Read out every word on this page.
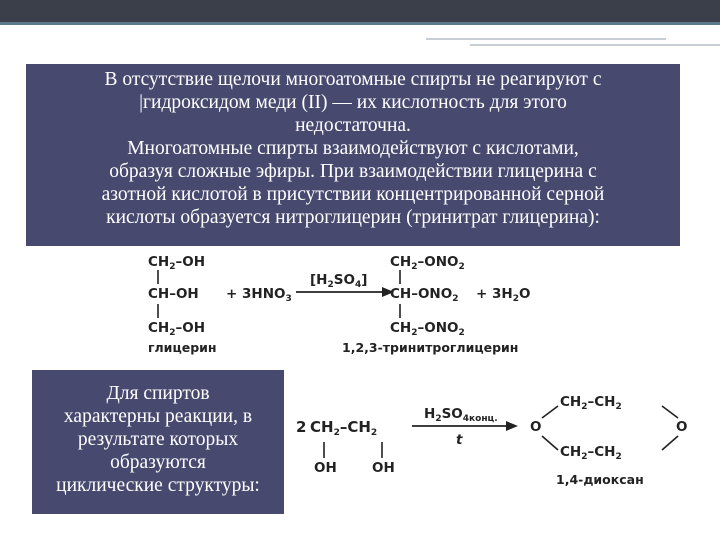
В отсутствие щелочи многоатомные спирты не реагируют с
|гидроксидом меди (II) — их кислотность для этого
недостаточна.
Многоатомные спирты взаимодействуют с кислотами,
образуя сложные эфиры. При взаимодействии глицерина с
азотной кислотой в присутствии концентрированной серной
кислоты образуется нитроглицерин (тринитрат глицерина):
$CH_2-OH$
CH–OH
$CH_2-OH$
+ $3HNO_3$
$[H_2SO_4]$
$CH_2-ONO_2$
$CH-ONO_2$
$CH_2-ONO_2$
+ $3H_2O$
глицерин	1,2,3-тринитроглицерин
Для спиртов
характерны реакции, в
результате которых
образуются
циклические структуры:
2 $CH_2-CH_2$
OH	OH
$H_2SO_{4конц.}$
t
$CH_2-CH_2$
$CH_2-CH_2$
O	O
1,4-диоксан
